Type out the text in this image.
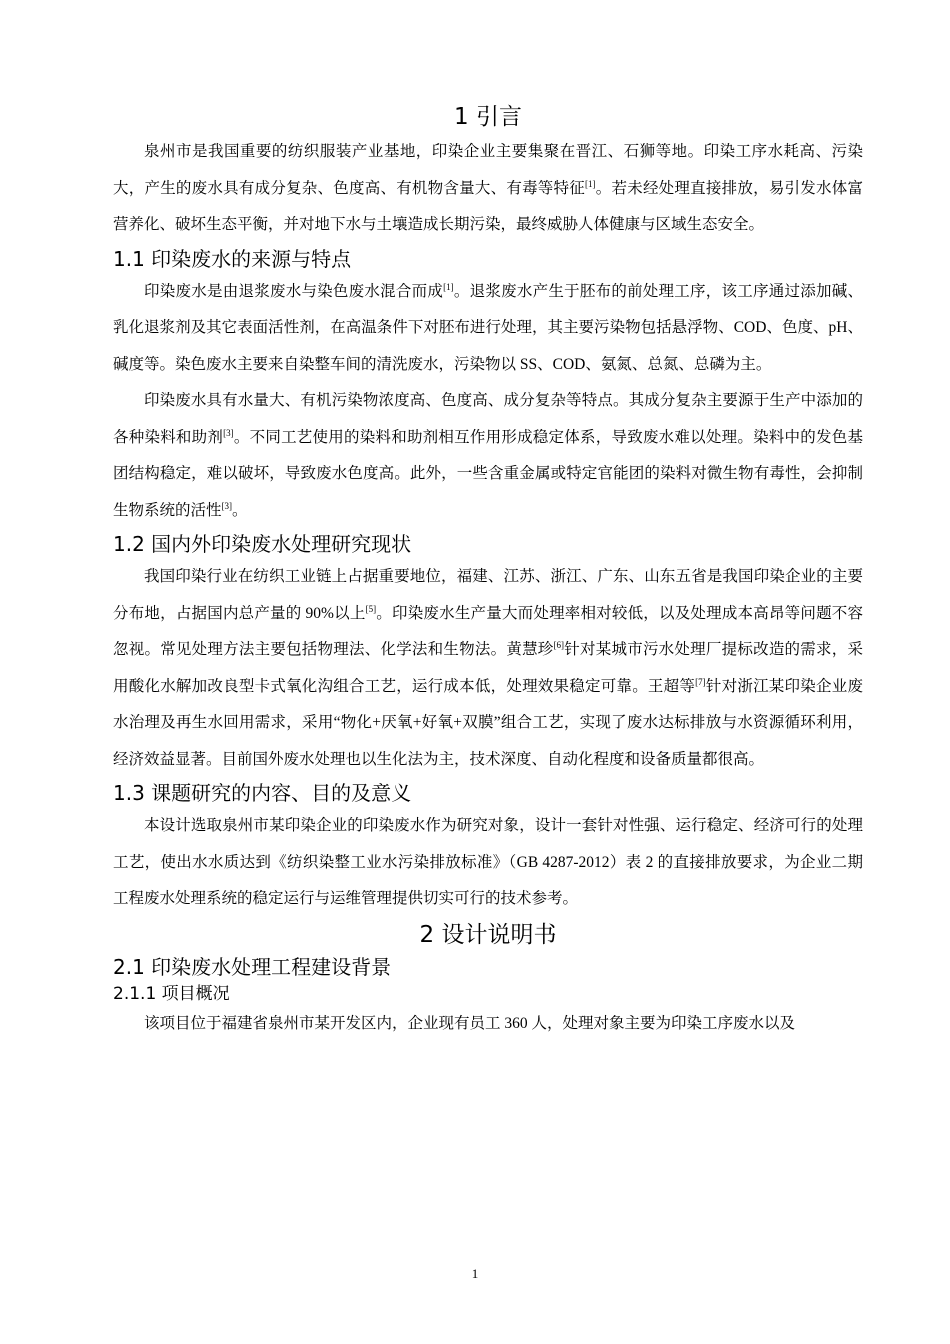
1 引言

泉州市是我国重要的纺织服装产业基地，印染企业主要集聚在晋江、石狮等地。印染工序水耗高、污染大，产生的废水具有成分复杂、色度高、有机物含量大、有毒等特征[1]。若未经处理直接排放，易引发水体富营养化、破坏生态平衡，并对地下水与土壤造成长期污染，最终威胁人体健康与区域生态安全。

1.1 印染废水的来源与特点

印染废水是由退浆废水与染色废水混合而成[1]。退浆废水产生于胚布的前处理工序，该工序通过添加碱、乳化退浆剂及其它表面活性剂，在高温条件下对胚布进行处理，其主要污染物包括悬浮物、COD、色度、pH、碱度等。染色废水主要来自染整车间的清洗废水，污染物以 SS、COD、氨氮、总氮、总磷为主。

印染废水具有水量大、有机污染物浓度高、色度高、成分复杂等特点。其成分复杂主要源于生产中添加的各种染料和助剂[3]。不同工艺使用的染料和助剂相互作用形成稳定体系，导致废水难以处理。染料中的发色基团结构稳定，难以破坏，导致废水色度高。此外，一些含重金属或特定官能团的染料对微生物有毒性，会抑制生物系统的活性[3]。

1.2 国内外印染废水处理研究现状

我国印染行业在纺织工业链上占据重要地位，福建、江苏、浙江、广东、山东五省是我国印染企业的主要分布地，占据国内总产量的 90%以上[5]。印染废水生产量大而处理率相对较低，以及处理成本高昂等问题不容忽视。常见处理方法主要包括物理法、化学法和生物法。黄慧珍[6]针对某城市污水处理厂提标改造的需求，采用酸化水解加改良型卡式氧化沟组合工艺，运行成本低，处理效果稳定可靠。王超等[7]针对浙江某印染企业废水治理及再生水回用需求，采用“物化+厌氧+好氧+双膜”组合工艺，实现了废水达标排放与水资源循环利用，经济效益显著。目前国外废水处理也以生化法为主，技术深度、自动化程度和设备质量都很高。

1.3 课题研究的内容、目的及意义

本设计选取泉州市某印染企业的印染废水作为研究对象，设计一套针对性强、运行稳定、经济可行的处理工艺，使出水水质达到《纺织染整工业水污染排放标准》（GB 4287-2012）表 2 的直接排放要求，为企业二期工程废水处理系统的稳定运行与运维管理提供切实可行的技术参考。

2 设计说明书
2.1 印染废水处理工程建设背景
2.1.1 项目概况

该项目位于福建省泉州市某开发区内，企业现有员工 360 人，处理对象主要为印染工序废水以及

1
